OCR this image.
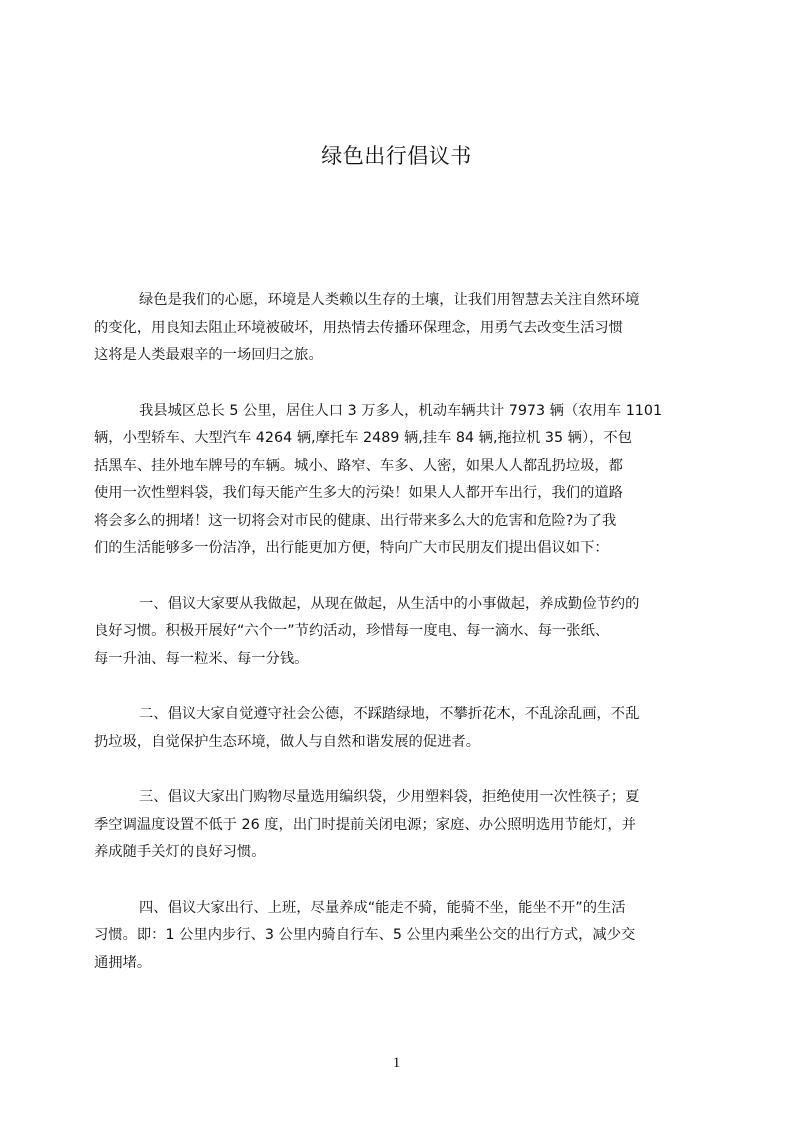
绿色出行倡议书
绿色是我们的心愿，环境是人类赖以生存的土壤，让我们用智慧去关注自然环境
的变化，用良知去阻止环境被破坏，用热情去传播环保理念，用勇气去改变生活习惯
这将是人类最艰辛的一场回归之旅。
我县城区总长 5 公里，居住人口 3 万多人，机动车辆共计 7973 辆（农用车 1101
辆，小型轿车、大型汽车 4264 辆,摩托车 2489 辆,挂车 84 辆,拖拉机 35 辆），不包
括黑车、挂外地车牌号的车辆。城小、路窄、车多、人密，如果人人都乱扔垃圾，都
使用一次性塑料袋，我们每天能产生多大的污染！如果人人都开车出行，我们的道路
将会多么的拥堵！这一切将会对市民的健康、出行带来多么大的危害和危险?为了我
们的生活能够多一份洁净，出行能更加方便，特向广大市民朋友们提出倡议如下：
一、倡议大家要从我做起，从现在做起，从生活中的小事做起，养成勤俭节约的
良好习惯。积极开展好“六个一”节约活动，珍惜每一度电、每一滴水、每一张纸、
每一升油、每一粒米、每一分钱。
二、倡议大家自觉遵守社会公德，不踩踏绿地，不攀折花木，不乱涂乱画，不乱
扔垃圾，自觉保护生态环境，做人与自然和谐发展的促进者。
三、倡议大家出门购物尽量选用编织袋，少用塑料袋，拒绝使用一次性筷子；夏
季空调温度设置不低于 26 度，出门时提前关闭电源；家庭、办公照明选用节能灯，并
养成随手关灯的良好习惯。
四、倡议大家出行、上班，尽量养成“能走不骑，能骑不坐，能坐不开”的生活
习惯。即：1 公里内步行、3 公里内骑自行车、5 公里内乘坐公交的出行方式，减少交
通拥堵。
1
